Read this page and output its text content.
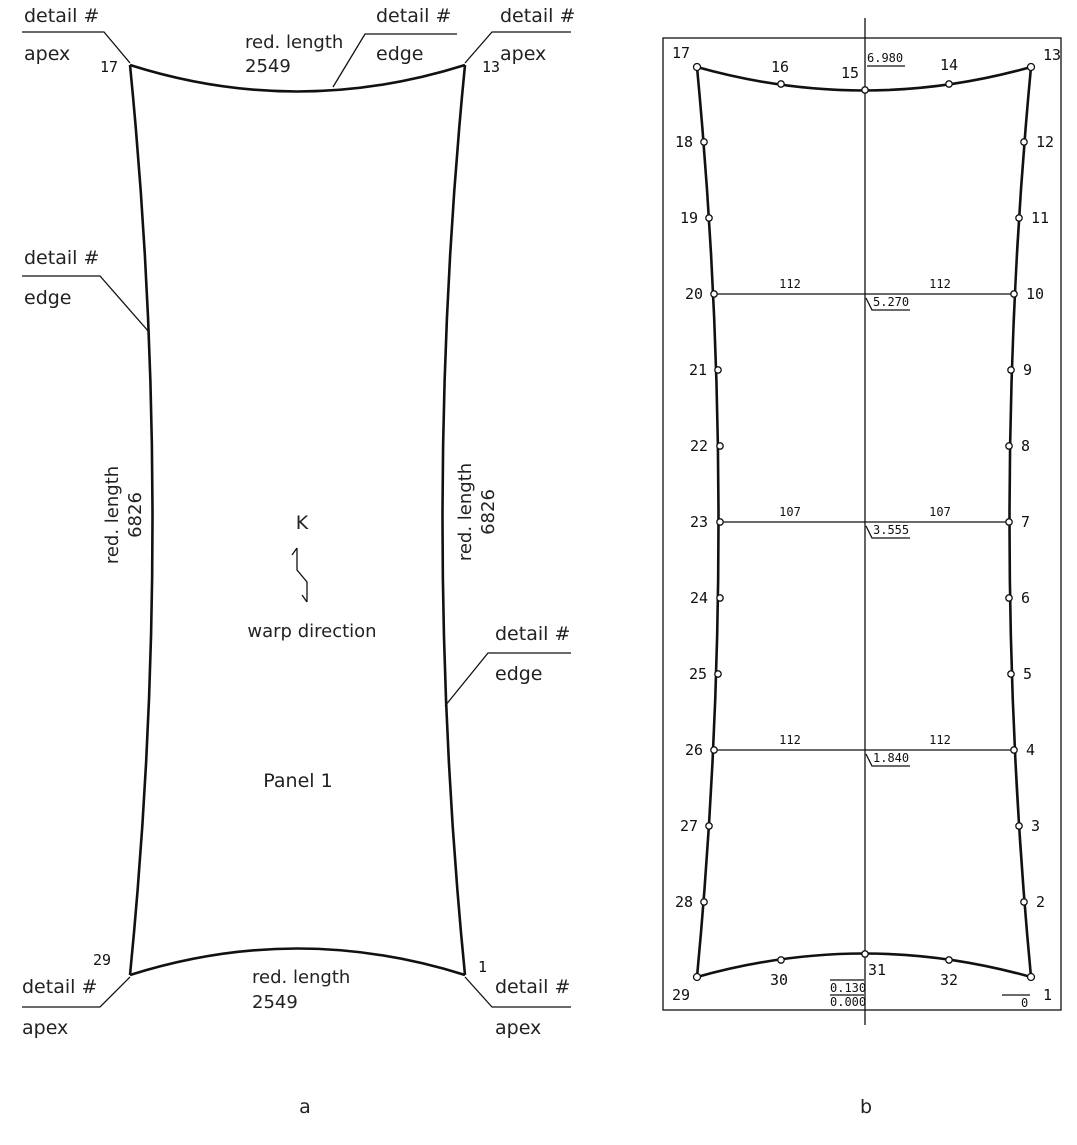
detail #
apex
17
detail #
edge
detail #
apex
13
red. length
2549
detail #
edge
red. length 6826	red. length 6826
K
warp direction	detail #
edge
Panel 1
red. length
2549
detail #
apex
29
detail #
apex
1
a
1
2
3
4
5
6
7
8
9
10
11
12
13
14
15
16	6.980
17
18
19
20
21
22
23
24
25
26
27
28
29
30
31
32
0.130
0.000	0
112	112
5.270
107	107
3.555
112	112
1.840
b
